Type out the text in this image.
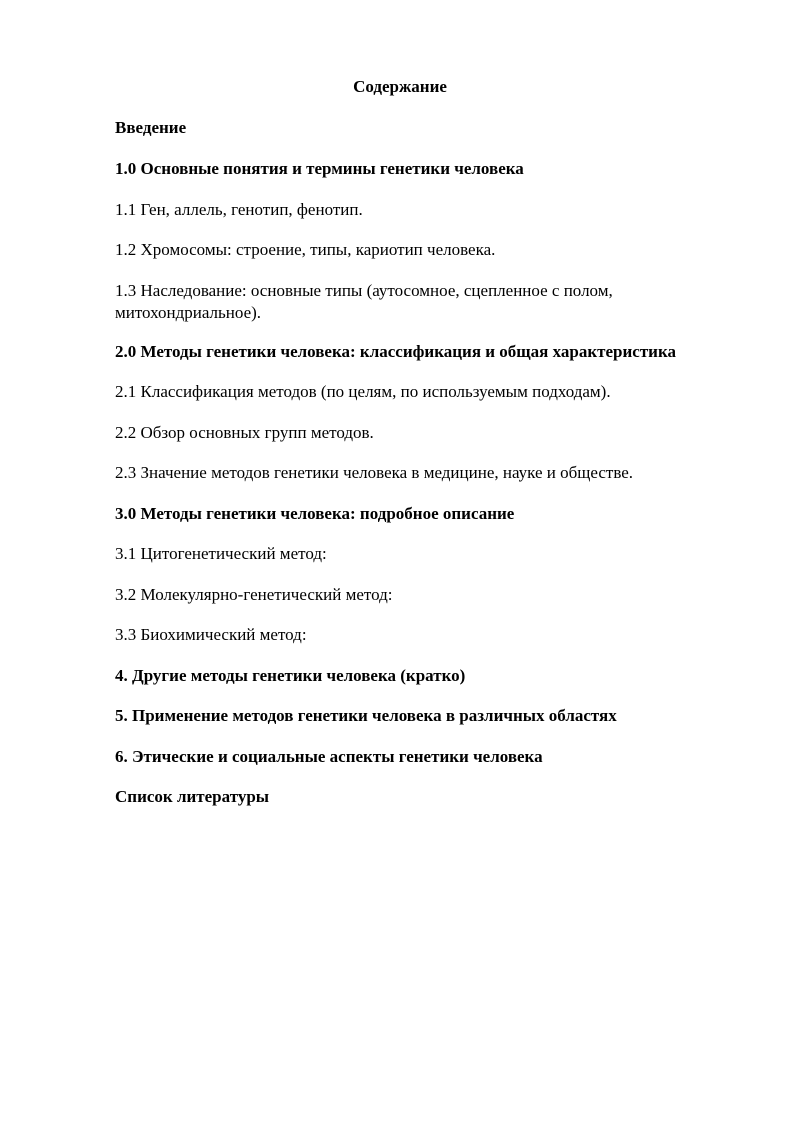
Содержание

Введение

1.0 Основные понятия и термины генетики человека

1.1 Ген, аллель, генотип, фенотип.

1.2 Хромосомы: строение, типы, кариотип человека.

1.3 Наследование: основные типы (аутосомное, сцепленное с полом, митохондриальное).

2.0 Методы генетики человека: классификация и общая характеристика

2.1 Классификация методов (по целям, по используемым подходам).

2.2 Обзор основных групп методов.

2.3 Значение методов генетики человека в медицине, науке и обществе.

3.0 Методы генетики человека: подробное описание

3.1 Цитогенетический метод:

3.2 Молекулярно-генетический метод:

3.3 Биохимический метод:

4. Другие методы генетики человека (кратко)

5. Применение методов генетики человека в различных областях

6. Этические и социальные аспекты генетики человека

Список литературы
